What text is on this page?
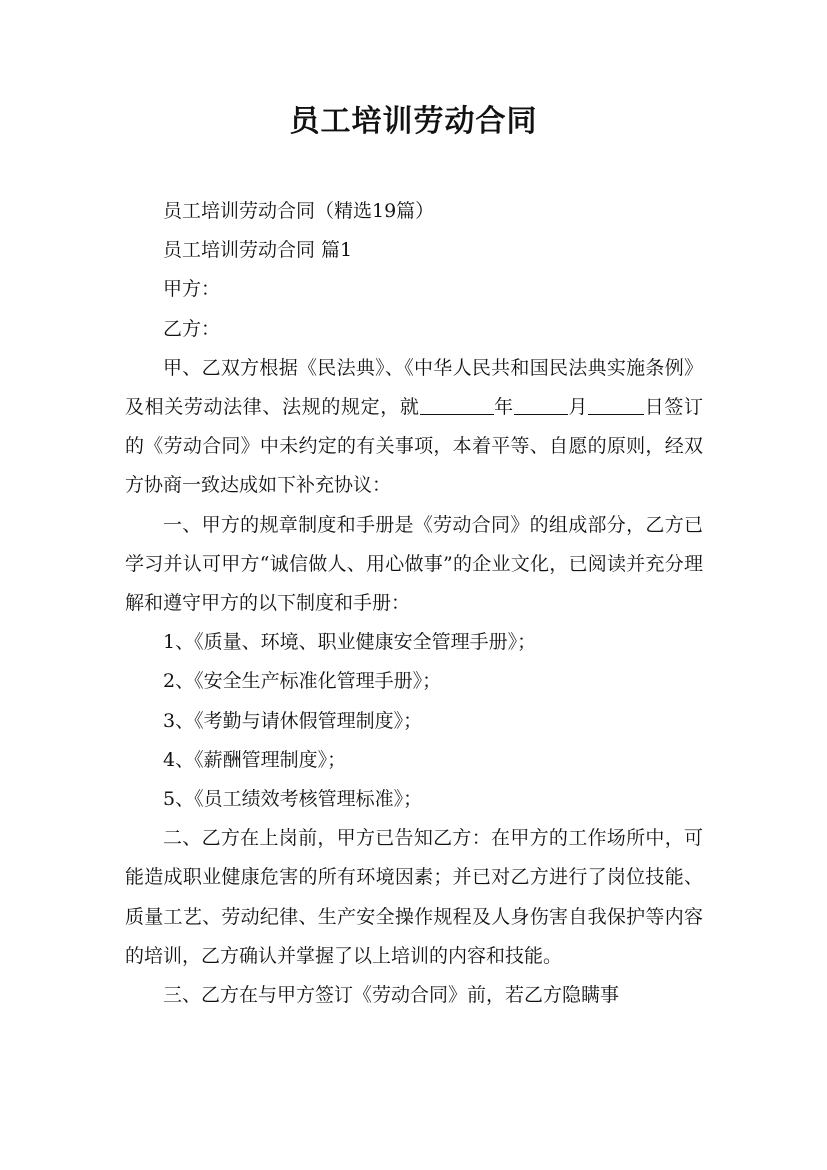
员工培训劳动合同

员工培训劳动合同（精选19篇）

员工培训劳动合同 篇1

甲方：

乙方：

甲、乙双方根据《民法典》、《中华人民共和国民法典实施条例》及相关劳动法律、法规的规定，就	年	月	日签订的《劳动合同》中未约定的有关事项，本着平等、自愿的原则，经双方协商一致达成如下补充协议：

一、甲方的规章制度和手册是《劳动合同》的组成部分，乙方已学习并认可甲方“诚信做人、用心做事”的企业文化，已阅读并充分理解和遵守甲方的以下制度和手册：

1、《质量、环境、职业健康安全管理手册》；

2、《安全生产标准化管理手册》；

3、《考勤与请休假管理制度》；

4、《薪酬管理制度》；

5、《员工绩效考核管理标准》；

二、乙方在上岗前，甲方已告知乙方：在甲方的工作场所中，可能造成职业健康危害的所有环境因素；并已对乙方进行了岗位技能、质量工艺、劳动纪律、生产安全操作规程及人身伤害自我保护等内容的培训，乙方确认并掌握了以上培训的内容和技能。

三、乙方在与甲方签订《劳动合同》前，若乙方隐瞒事
